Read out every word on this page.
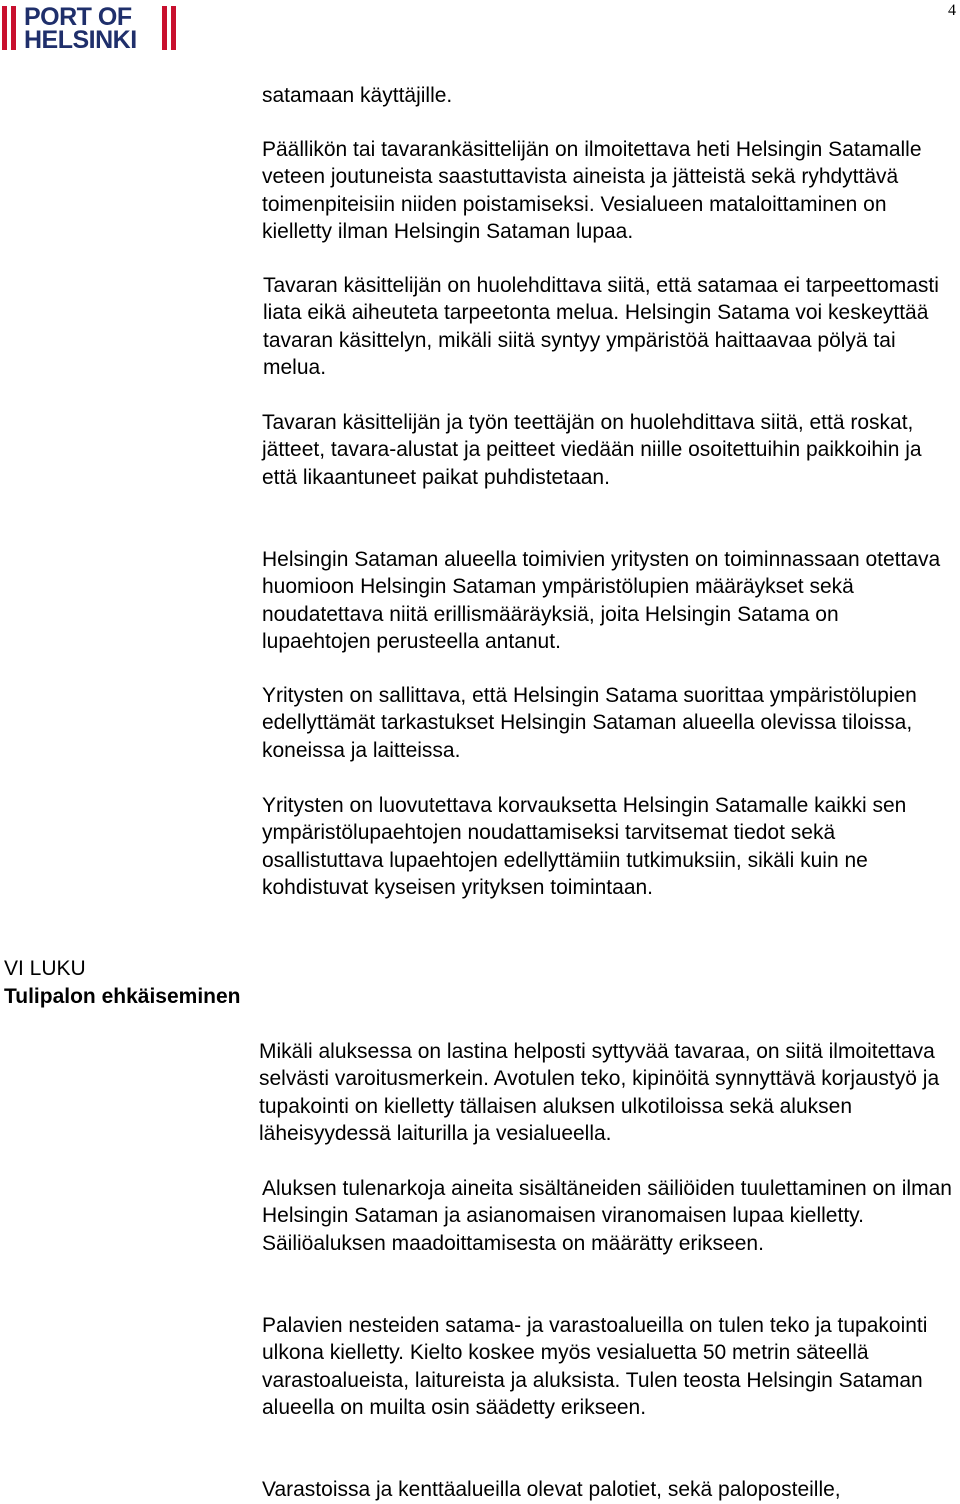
PORT OF
HELSINKI
4

satamaan käyttäjille.

Päällikön tai tavarankäsittelijän on ilmoitettava heti Helsingin Satamalle veteen joutuneista saastuttavista aineista ja jätteistä sekä ryhdyttävä toimenpiteisiin niiden poistamiseksi. Vesialueen mataloittaminen on kielletty ilman Helsingin Sataman lupaa.

Tavaran käsittelijän on huolehdittava siitä, että satamaa ei tarpeettomasti liata eikä aiheuteta tarpeetonta melua. Helsingin Satama voi keskeyttää tavaran käsittelyn, mikäli siitä syntyy ympäristöä haittaavaa pölyä tai melua.

Tavaran käsittelijän ja työn teettäjän on huolehdittava siitä, että roskat, jätteet, tavara-alustat ja peitteet viedään niille osoitettuihin paikkoihin ja että likaantuneet paikat puhdistetaan.

Helsingin Sataman alueella toimivien yritysten on toiminnassaan otettava huomioon Helsingin Sataman ympäristölupien määräykset sekä noudatettava niitä erillismääräyksiä, joita Helsingin Satama on lupaehtojen perusteella antanut.

Yritysten on sallittava, että Helsingin Satama suorittaa ympäristölupien edellyttämät tarkastukset Helsingin Sataman alueella olevissa tiloissa, koneissa ja laitteissa.

Yritysten on luovutettava korvauksetta Helsingin Satamalle kaikki sen ympäristölupaehtojen noudattamiseksi tarvitsemat tiedot sekä osallistuttava lupaehtojen edellyttämiin tutkimuksiin, sikäli kuin ne kohdistuvat kyseisen yrityksen toimintaan.

VI LUKU
Tulipalon ehkäiseminen

Mikäli aluksessa on lastina helposti syttyvää tavaraa, on siitä ilmoitettava selvästi varoitusmerkein. Avotulen teko, kipinöitä synnyttävä korjaustyö ja tupakointi on kielletty tällaisen aluksen ulkotiloissa sekä aluksen läheisyydessä laiturilla ja vesialueella.

Aluksen tulenarkoja aineita sisältäneiden säiliöiden tuulettaminen on ilman Helsingin Sataman ja asianomaisen viranomaisen lupaa kielletty. Säiliöaluksen maadoittamisesta on määrätty erikseen.

Palavien nesteiden satama- ja varastoalueilla on tulen teko ja tupakointi ulkona kielletty. Kielto koskee myös vesialuetta 50 metrin säteellä varastoalueista, laitureista ja aluksista. Tulen teosta Helsingin Sataman alueella on muilta osin säädetty erikseen.

Varastoissa ja kenttäalueilla olevat palotiet, sekä paloposteille,
